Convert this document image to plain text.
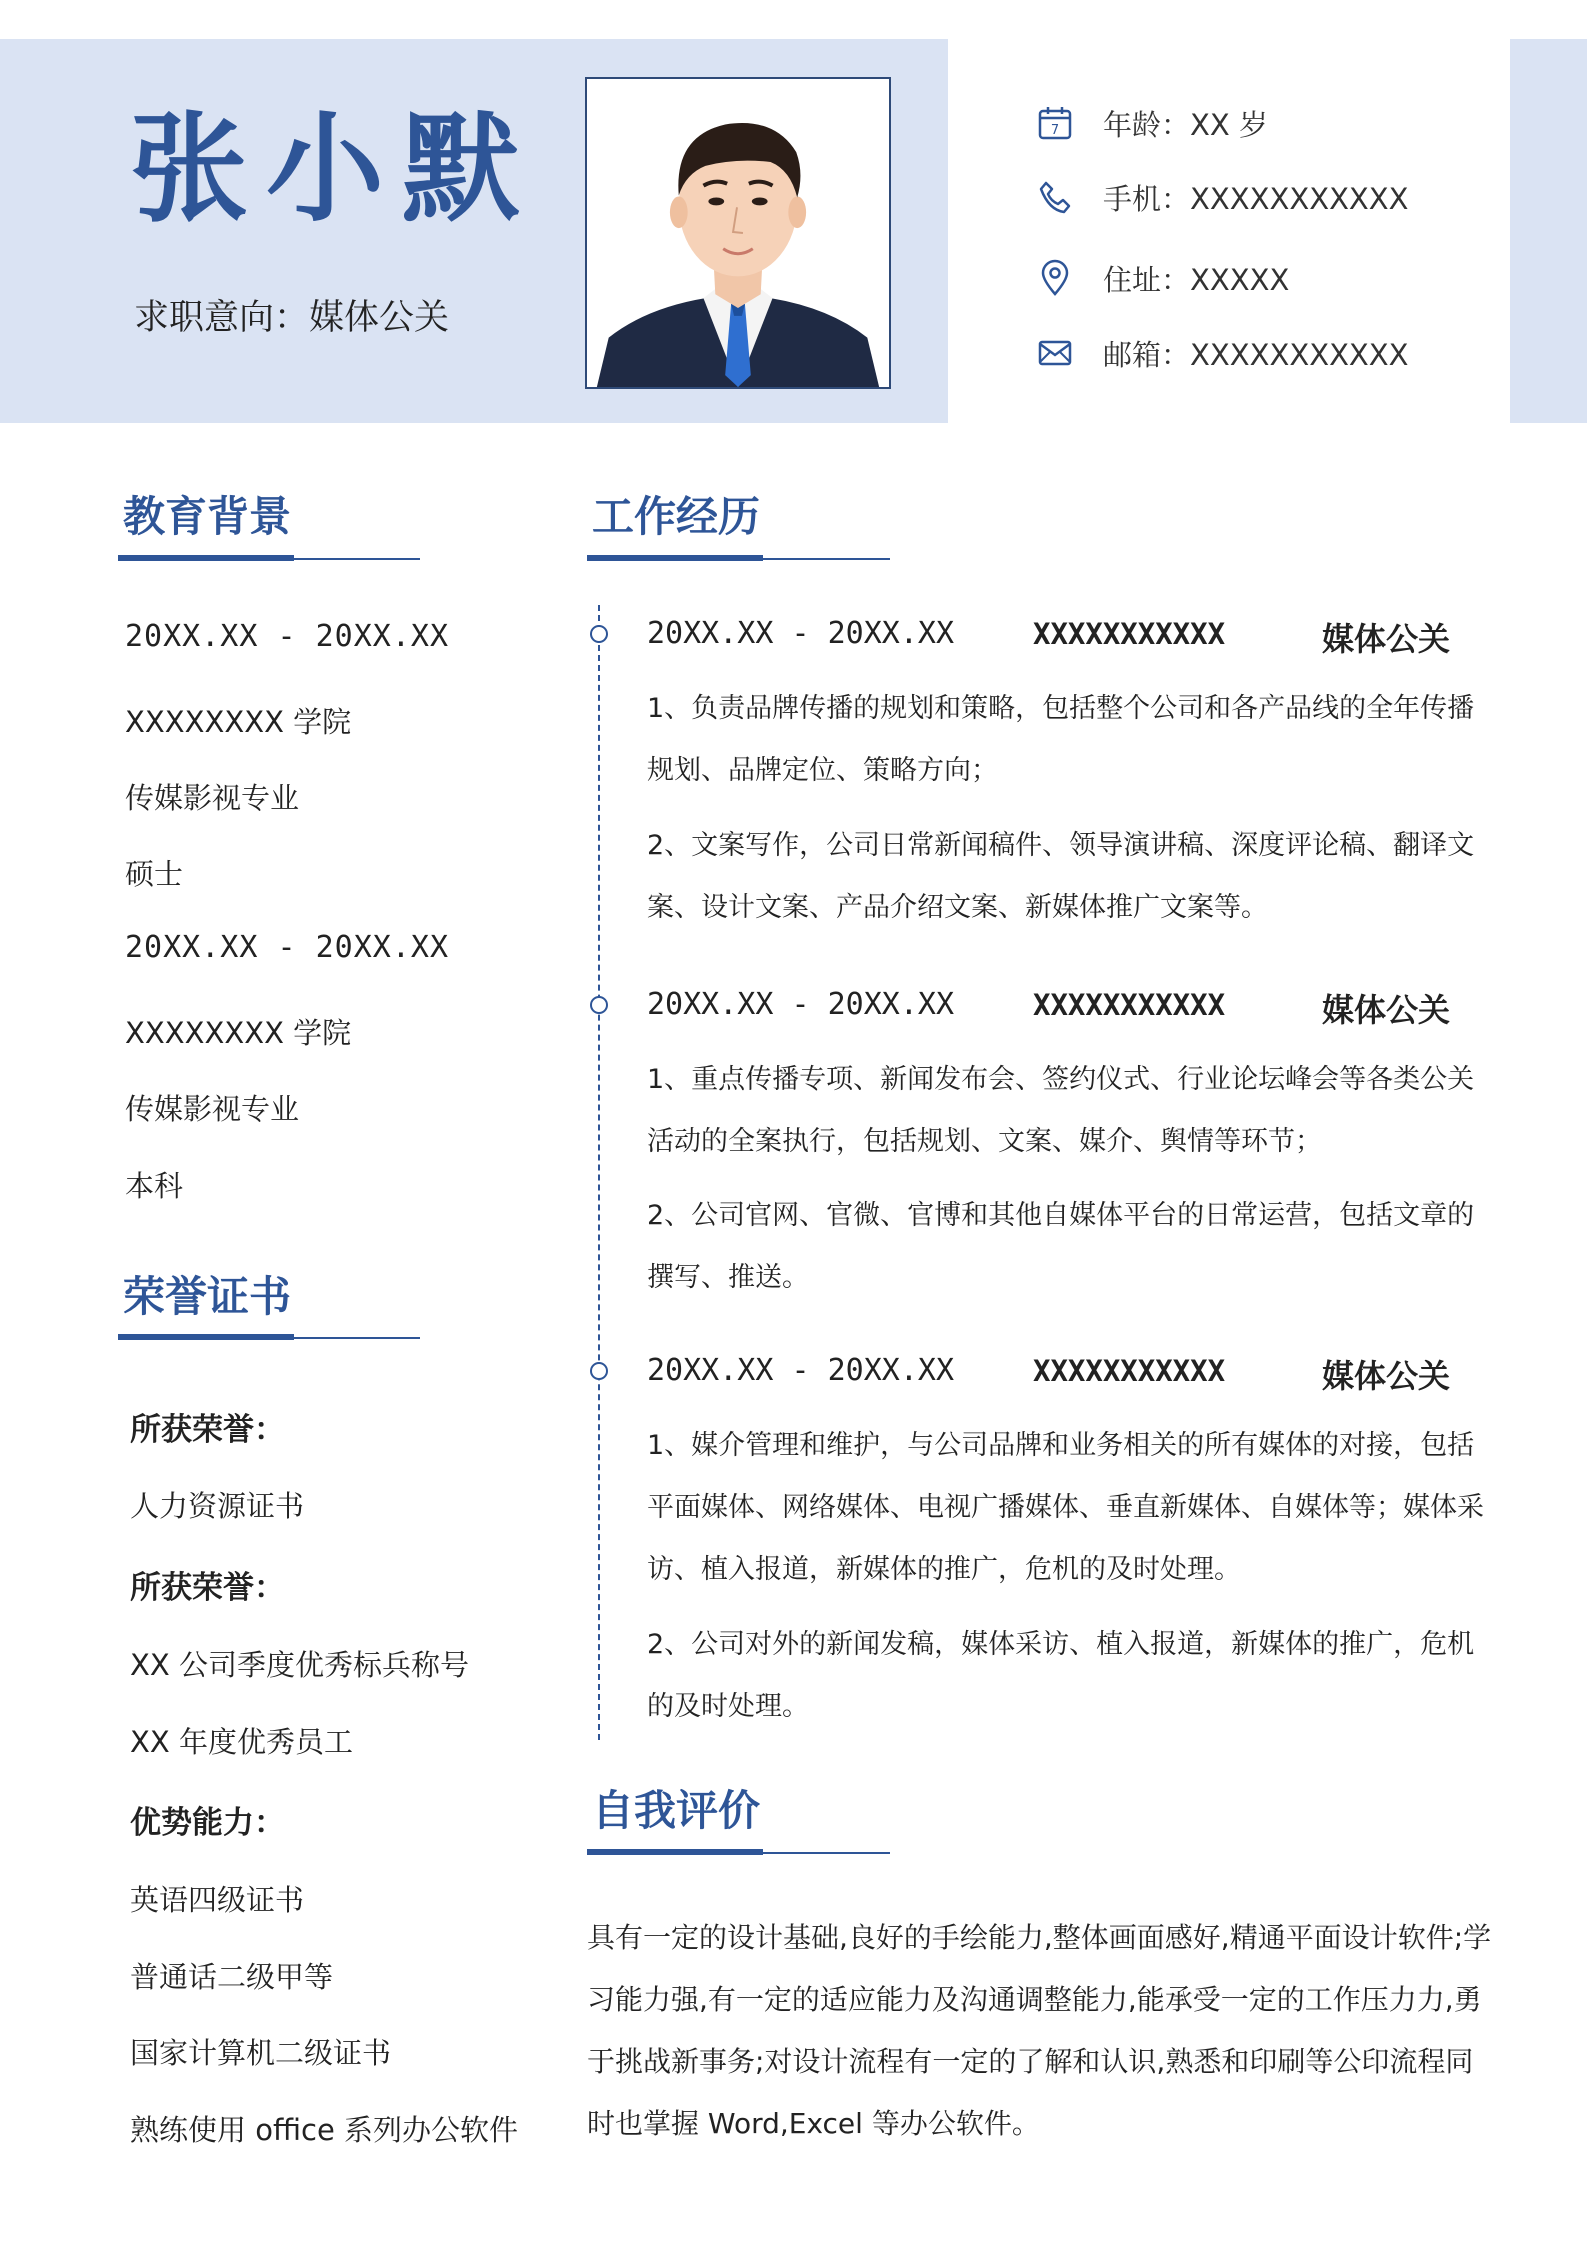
张小默
求职意向：媒体公关
7 年龄：XX 岁
手机：XXXXXXXXXXX
住址：XXXXX
邮箱：XXXXXXXXXXX
教育背景
20XX.XX - 20XX.XX
XXXXXXXX 学院
传媒影视专业
硕士
20XX.XX - 20XX.XX
XXXXXXXX 学院
传媒影视专业
本科
荣誉证书
所获荣誉：
人力资源证书
所获荣誉：
XX 公司季度优秀标兵称号
XX 年度优秀员工
优势能力：
英语四级证书
普通话二级甲等
国家计算机二级证书
熟练使用 office 系列办公软件
工作经历
20XX.XX - 20XX.XX	XXXXXXXXXXX	媒体公关
1、负责品牌传播的规划和策略，包括整个公司和各产品线的全年传播规划、品牌定位、策略方向；
2、文案写作，公司日常新闻稿件、领导演讲稿、深度评论稿、翻译文案、设计文案、产品介绍文案、新媒体推广文案等。
20XX.XX - 20XX.XX	XXXXXXXXXXX	媒体公关
1、重点传播专项、新闻发布会、签约仪式、行业论坛峰会等各类公关活动的全案执行，包括规划、文案、媒介、舆情等环节；
2、公司官网、官微、官博和其他自媒体平台的日常运营，包括文章的撰写、推送。
20XX.XX - 20XX.XX	XXXXXXXXXXX	媒体公关
1、媒介管理和维护，与公司品牌和业务相关的所有媒体的对接，包括平面媒体、网络媒体、电视广播媒体、垂直新媒体、自媒体等；媒体采访、植入报道，新媒体的推广，危机的及时处理。
2、公司对外的新闻发稿，媒体采访、植入报道，新媒体的推广，危机的及时处理。
自我评价
具有一定的设计基础,良好的手绘能力,整体画面感好,精通平面设计软件;学习能力强,有一定的适应能力及沟通调整能力,能承受一定的工作压力力,勇于挑战新事务;对设计流程有一定的了解和认识,熟悉和印刷等公印流程同时也掌握 Word,Excel 等办公软件。
